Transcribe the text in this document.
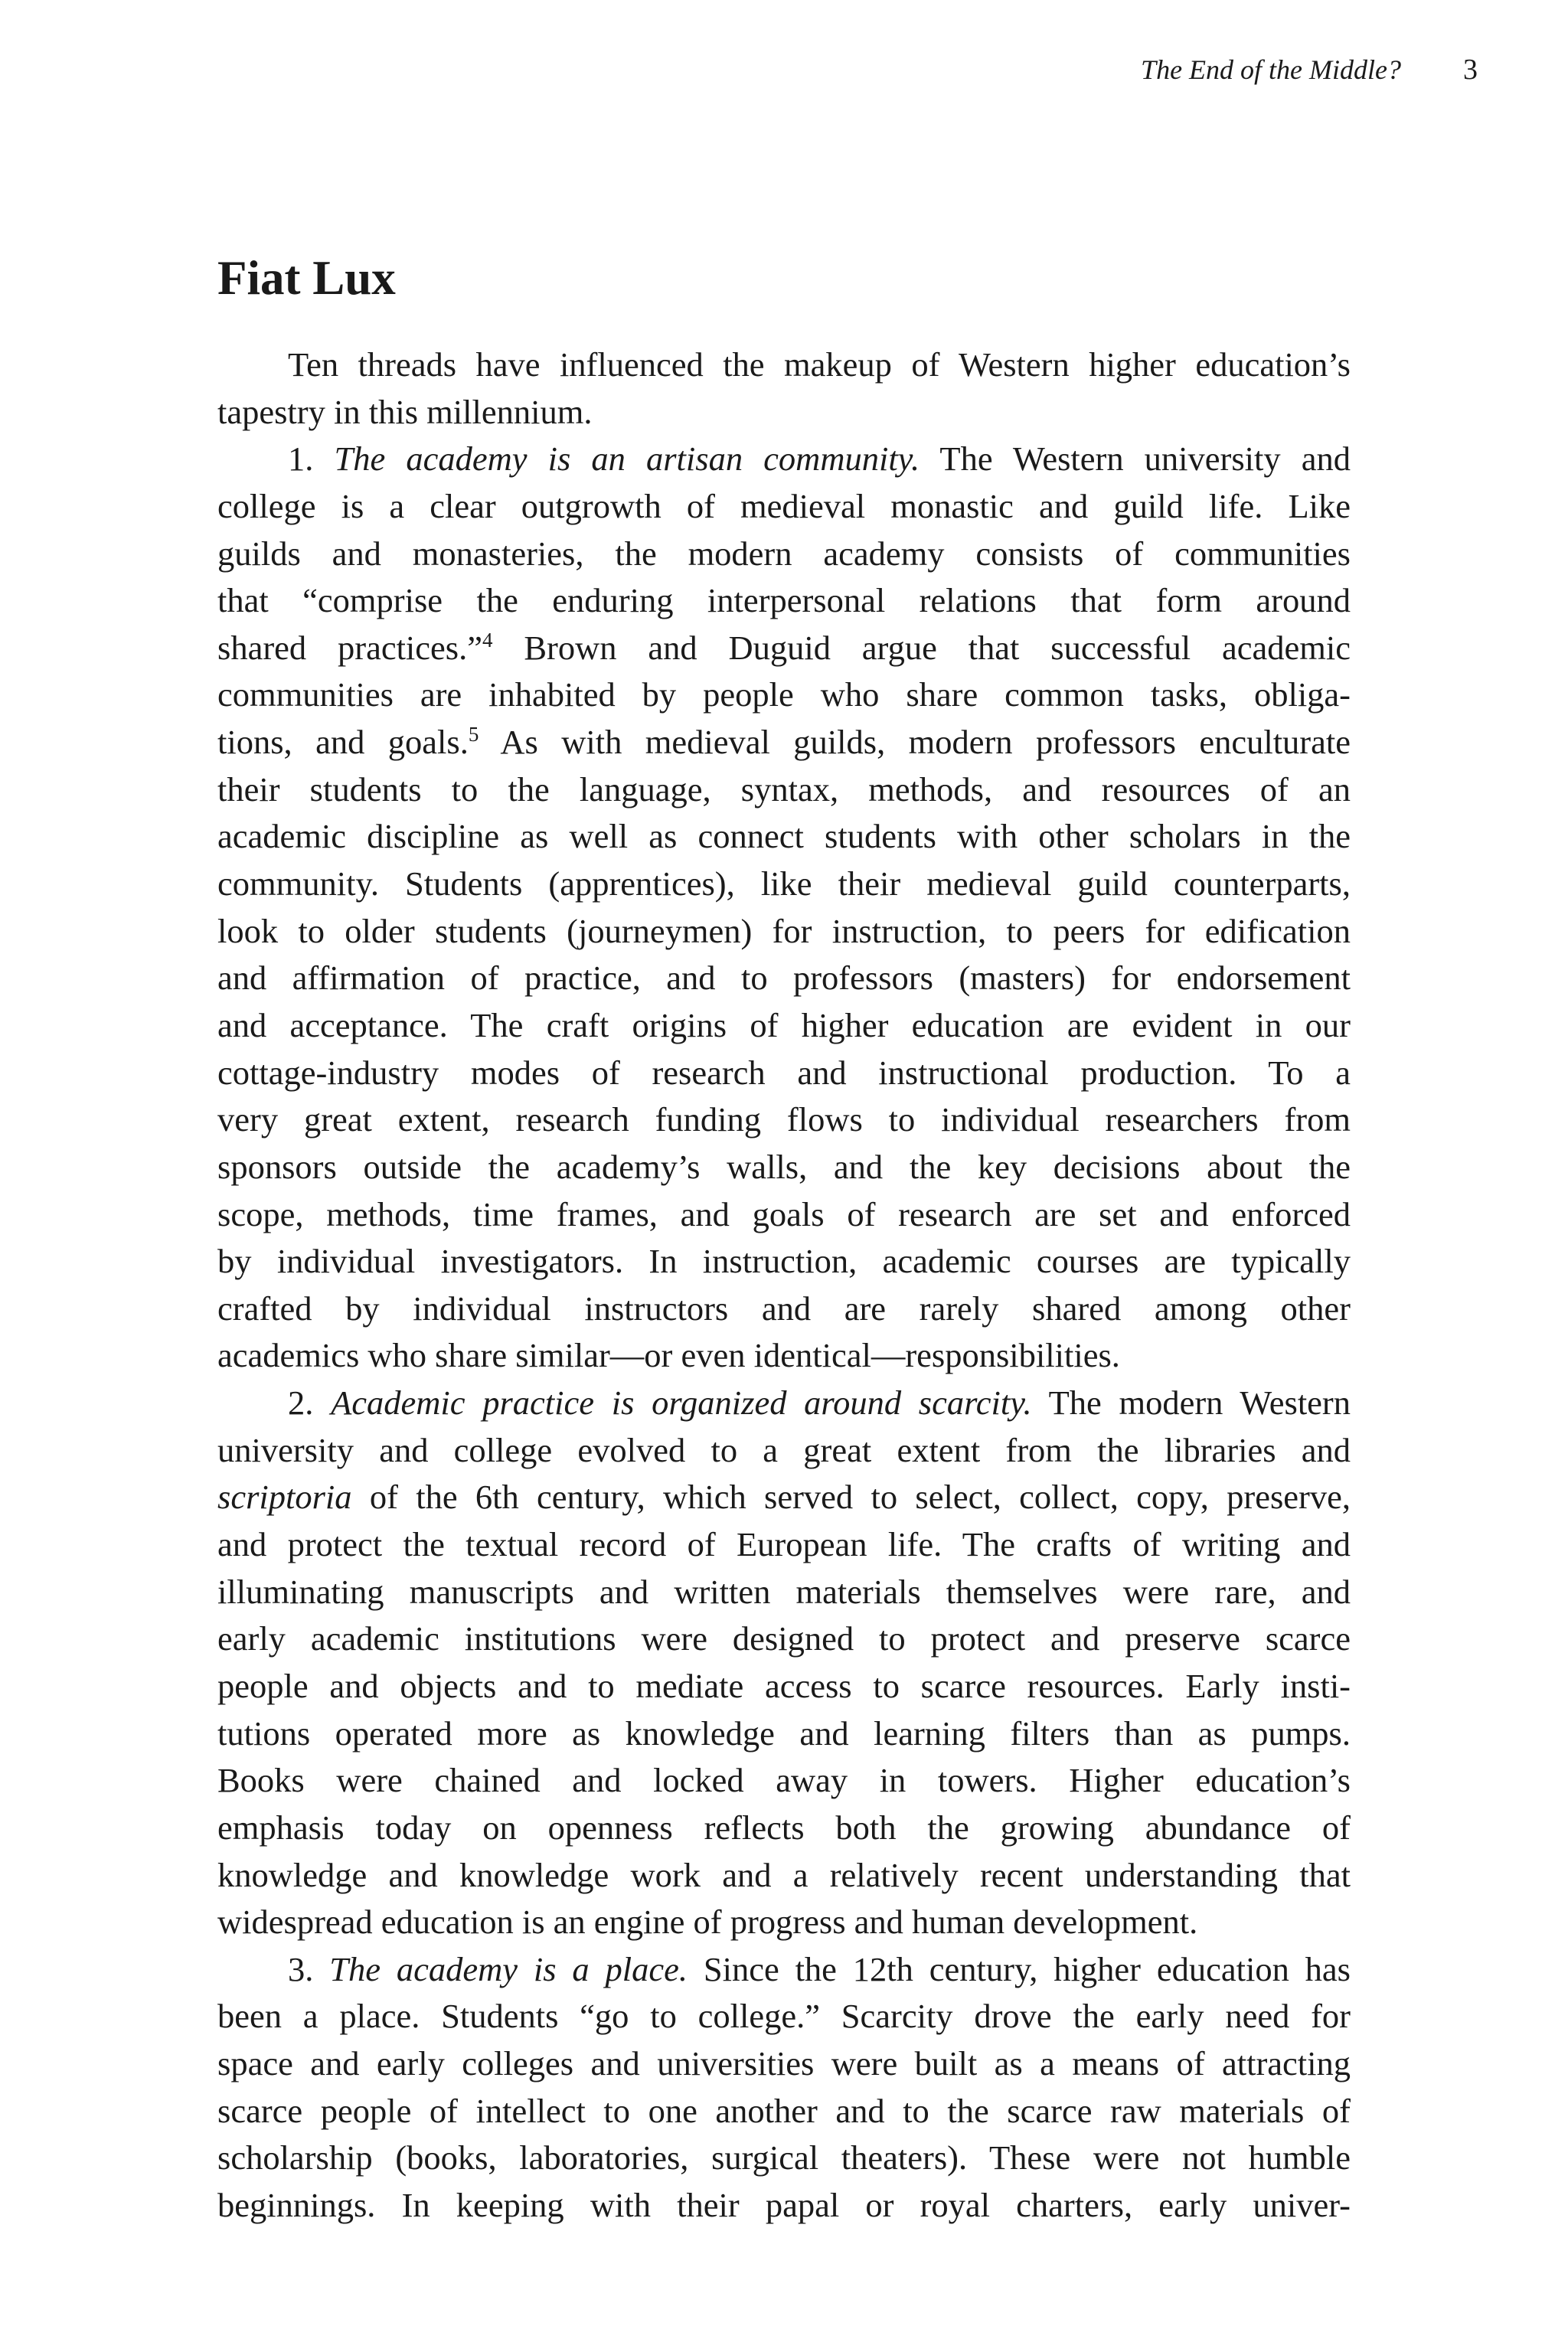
The End of the Middle? 3
Fiat Lux
Ten threads have influenced the makeup of Western higher education’s
tapestry in this millennium.
1. The academy is an artisan community. The Western university and
college is a clear outgrowth of medieval monastic and guild life. Like
guilds and monasteries, the modern academy consists of communities
that “comprise the enduring interpersonal relations that form around
shared practices.”$^4$ Brown and Duguid argue that successful academic
communities are inhabited by people who share common tasks, obliga-
tions, and goals.$^5$ As with medieval guilds, modern professors enculturate
their students to the language, syntax, methods, and resources of an
academic discipline as well as connect students with other scholars in the
community. Students (apprentices), like their medieval guild counterparts,
look to older students (journeymen) for instruction, to peers for edification
and affirmation of practice, and to professors (masters) for endorsement
and acceptance. The craft origins of higher education are evident in our
cottage-industry modes of research and instructional production. To a
very great extent, research funding flows to individual researchers from
sponsors outside the academy’s walls, and the key decisions about the
scope, methods, time frames, and goals of research are set and enforced
by individual investigators. In instruction, academic courses are typically
crafted by individual instructors and are rarely shared among other
academics who share similar—or even identical—responsibilities.
2. Academic practice is organized around scarcity. The modern Western
university and college evolved to a great extent from the libraries and
scriptoria of the 6th century, which served to select, collect, copy, preserve,
and protect the textual record of European life. The crafts of writing and
illuminating manuscripts and written materials themselves were rare, and
early academic institutions were designed to protect and preserve scarce
people and objects and to mediate access to scarce resources. Early insti-
tutions operated more as knowledge and learning filters than as pumps.
Books were chained and locked away in towers. Higher education’s
emphasis today on openness reflects both the growing abundance of
knowledge and knowledge work and a relatively recent understanding that
widespread education is an engine of progress and human development.
3. The academy is a place. Since the 12th century, higher education has
been a place. Students “go to college.” Scarcity drove the early need for
space and early colleges and universities were built as a means of attracting
scarce people of intellect to one another and to the scarce raw materials of
scholarship (books, laboratories, surgical theaters). These were not humble
beginnings. In keeping with their papal or royal charters, early univer-
